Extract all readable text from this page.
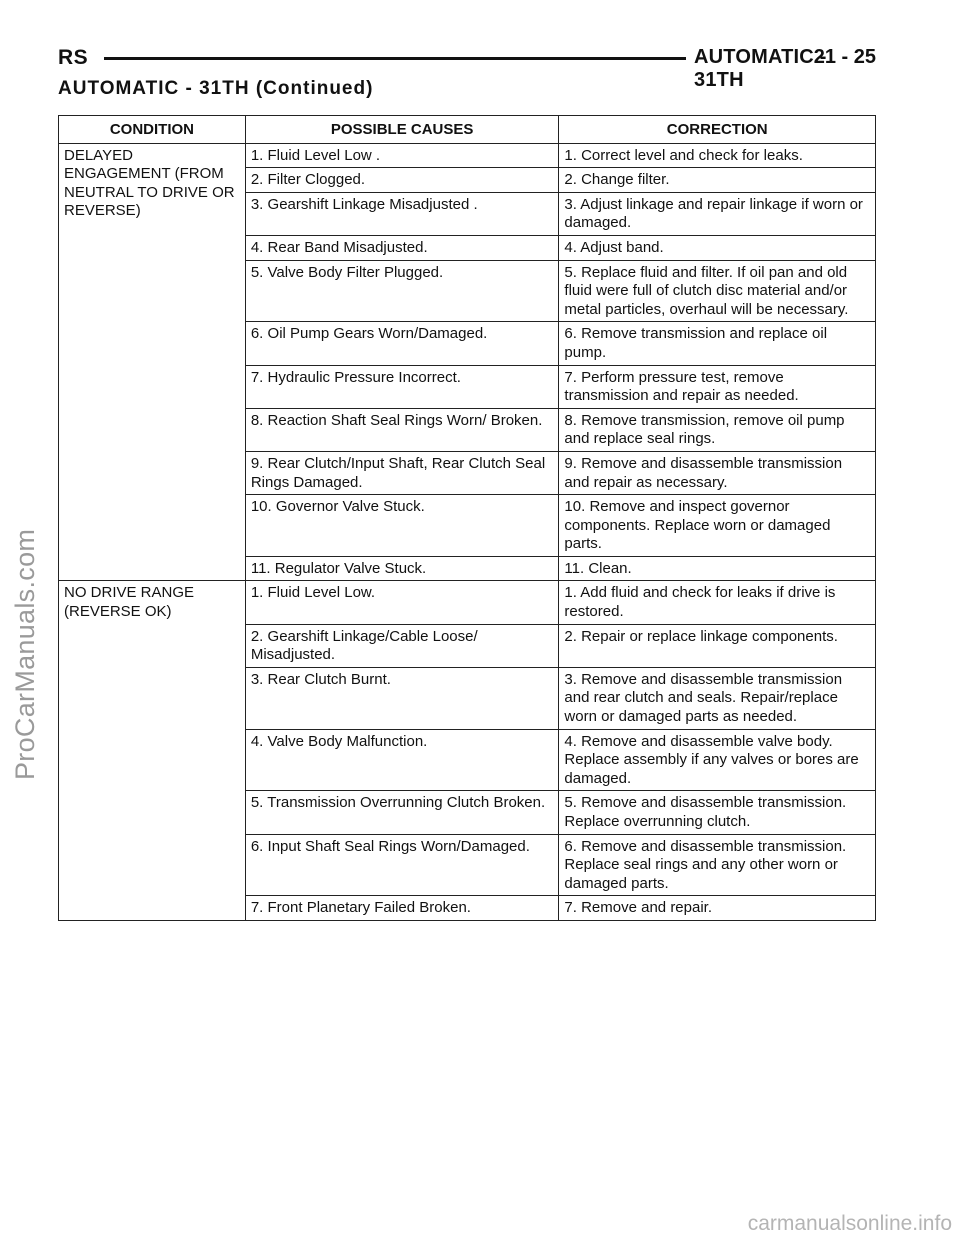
RS	AUTOMATIC - 31TH
21 - 25
AUTOMATIC - 31TH (Continued)
CONDITION	POSSIBLE CAUSES	CORRECTION
DELAYED ENGAGEMENT (FROM NEUTRAL TO DRIVE OR REVERSE)	1. Fluid Level Low .	1. Correct level and check for leaks.
	2. Filter Clogged.	2. Change filter.
	3. Gearshift Linkage Misadjusted .	3. Adjust linkage and repair linkage if worn or damaged.
	4. Rear Band Misadjusted.	4. Adjust band.
	5. Valve Body Filter Plugged.	5. Replace fluid and filter. If oil pan and old fluid were full of clutch disc material and/or metal particles, overhaul will be necessary.
	6. Oil Pump Gears Worn/Damaged.	6. Remove transmission and replace oil pump.
	7. Hydraulic Pressure Incorrect.	7. Perform pressure test, remove transmission and repair as needed.
	8. Reaction Shaft Seal Rings Worn/ Broken.	8. Remove transmission, remove oil pump and replace seal rings.
	9. Rear Clutch/Input Shaft, Rear Clutch Seal Rings Damaged.	9. Remove and disassemble transmission and repair as necessary.
	10. Governor Valve Stuck.	10. Remove and inspect governor components. Replace worn or damaged parts.
	11. Regulator Valve Stuck.	11. Clean.
NO DRIVE RANGE (REVERSE OK)	1. Fluid Level Low.	1. Add fluid and check for leaks if drive is restored.
	2. Gearshift Linkage/Cable Loose/ Misadjusted.	2. Repair or replace linkage components.
	3. Rear Clutch Burnt.	3. Remove and disassemble transmission and rear clutch and seals. Repair/replace worn or damaged parts as needed.
	4. Valve Body Malfunction.	4. Remove and disassemble valve body. Replace assembly if any valves or bores are damaged.
	5. Transmission Overrunning Clutch Broken.	5. Remove and disassemble transmission. Replace overrunning clutch.
	6. Input Shaft Seal Rings Worn/Damaged.	6. Remove and disassemble transmission. Replace seal rings and any other worn or damaged parts.
	7. Front Planetary Failed Broken.	7. Remove and repair.
ProCarManuals.com
carmanualsonline.info
